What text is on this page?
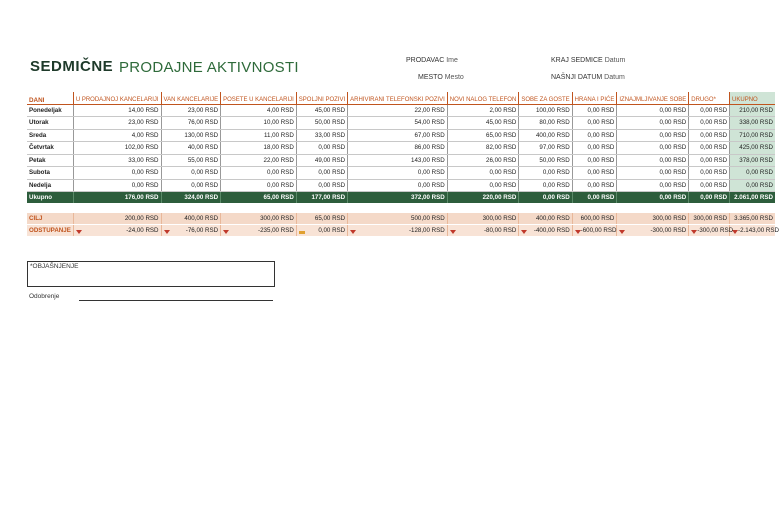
SEDMIČNE PRODAJNE AKTIVNOSTI	PRODAVAC Ime
MESTO Mesto
KRAJ SEDMICE Datum
NAŠNJI DATUM Datum
DANI	U PRODAJNOJ KANCELARIJI	VAN KANCELARIJE	POSETE U KANCELARIJI	SPOLJNI POZIVI	ARHIVIRANI TELEFONSKI POZIVI	NOVI NALOG TELEFON	SOBE ZA GOSTE	HRANA I PIĆE	IZNAJMLJIVANJE SOBE	DRUGO*	UKUPNO
Ponedeljak	14,00 RSD	23,00 RSD	4,00 RSD	45,00 RSD	22,00 RSD	2,00 RSD	100,00 RSD	0,00 RSD	0,00 RSD	0,00 RSD	210,00 RSD
Utorak	23,00 RSD	76,00 RSD	10,00 RSD	50,00 RSD	54,00 RSD	45,00 RSD	80,00 RSD	0,00 RSD	0,00 RSD	0,00 RSD	338,00 RSD
Sreda	4,00 RSD	130,00 RSD	11,00 RSD	33,00 RSD	67,00 RSD	65,00 RSD	400,00 RSD	0,00 RSD	0,00 RSD	0,00 RSD	710,00 RSD
Četvrtak	102,00 RSD	40,00 RSD	18,00 RSD	0,00 RSD	86,00 RSD	82,00 RSD	97,00 RSD	0,00 RSD	0,00 RSD	0,00 RSD	425,00 RSD
Petak	33,00 RSD	55,00 RSD	22,00 RSD	49,00 RSD	143,00 RSD	26,00 RSD	50,00 RSD	0,00 RSD	0,00 RSD	0,00 RSD	378,00 RSD
Subota	0,00 RSD	0,00 RSD	0,00 RSD	0,00 RSD	0,00 RSD	0,00 RSD	0,00 RSD	0,00 RSD	0,00 RSD	0,00 RSD	0,00 RSD
Nedelja	0,00 RSD	0,00 RSD	0,00 RSD	0,00 RSD	0,00 RSD	0,00 RSD	0,00 RSD	0,00 RSD	0,00 RSD	0,00 RSD	0,00 RSD
Ukupno	176,00 RSD	324,00 RSD	65,00 RSD	177,00 RSD	372,00 RSD	220,00 RSD	0,00 RSD	0,00 RSD	0,00 RSD	0,00 RSD	2.061,00 RSD

CILJ	200,00 RSD	400,00 RSD	300,00 RSD	65,00 RSD	500,00 RSD	300,00 RSD	400,00 RSD	600,00 RSD	300,00 RSD	300,00 RSD	3.365,00 RSD
ODSTUPANJE	-24,00 RSD	-76,00 RSD	-235,00 RSD	0,00 RSD	-128,00 RSD	-80,00 RSD	-400,00 RSD	-600,00 RSD	-300,00 RSD	-300,00 RSD	-2.143,00 RSD
*OBJAŠNJENJE
Odobrenje
